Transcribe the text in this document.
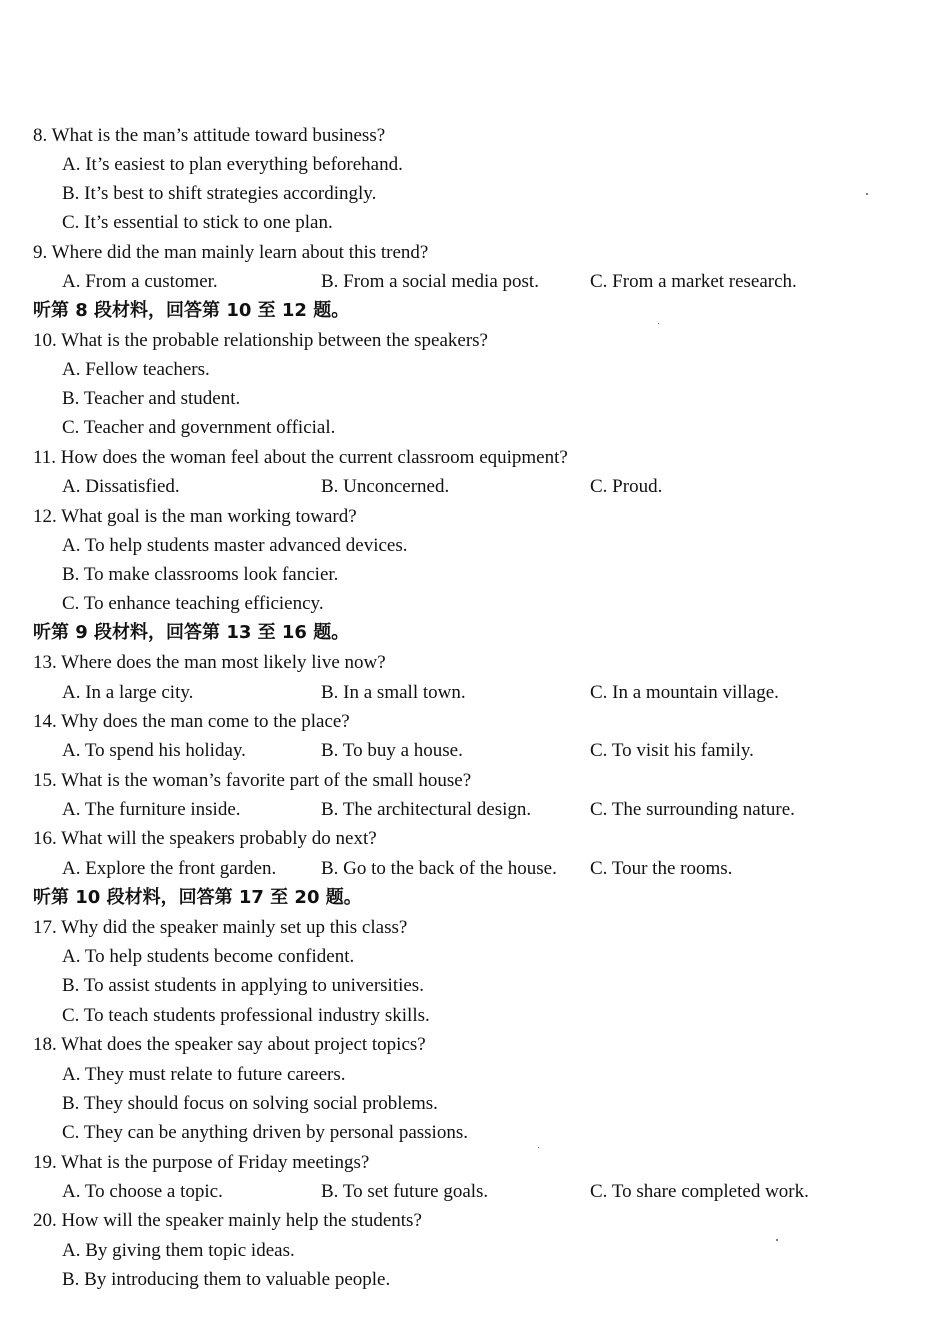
8. What is the man’s attitude toward business?
A. It’s easiest to plan everything beforehand.
B. It’s best to shift strategies accordingly.
C. It’s essential to stick to one plan.
9. Where did the man mainly learn about this trend?
A. From a customer.	B. From a social media post.	C. From a market research.
听第 8 段材料，回答第 10 至 12 题。
10. What is the probable relationship between the speakers?
A. Fellow teachers.
B. Teacher and student.
C. Teacher and government official.
11. How does the woman feel about the current classroom equipment?
A. Dissatisfied.	B. Unconcerned.	C. Proud.
12. What goal is the man working toward?
A. To help students master advanced devices.
B. To make classrooms look fancier.
C. To enhance teaching efficiency.
听第 9 段材料，回答第 13 至 16 题。
13. Where does the man most likely live now?
A. In a large city.	B. In a small town.	C. In a mountain village.
14. Why does the man come to the place?
A. To spend his holiday.	B. To buy a house.	C. To visit his family.
15. What is the woman’s favorite part of the small house?
A. The furniture inside.	B. The architectural design.	C. The surrounding nature.
16. What will the speakers probably do next?
A. Explore the front garden. B. Go to the back of the house. C. Tour the rooms.
听第 10 段材料，回答第 17 至 20 题。
17. Why did the speaker mainly set up this class?
A. To help students become confident.
B. To assist students in applying to universities.
C. To teach students professional industry skills.
18. What does the speaker say about project topics?
A. They must relate to future careers.
B. They should focus on solving social problems.
C. They can be anything driven by personal passions.
19. What is the purpose of Friday meetings?
A. To choose a topic.	B. To set future goals.	C. To share completed work.
20. How will the speaker mainly help the students?
A. By giving them topic ideas.
B. By introducing them to valuable people.
